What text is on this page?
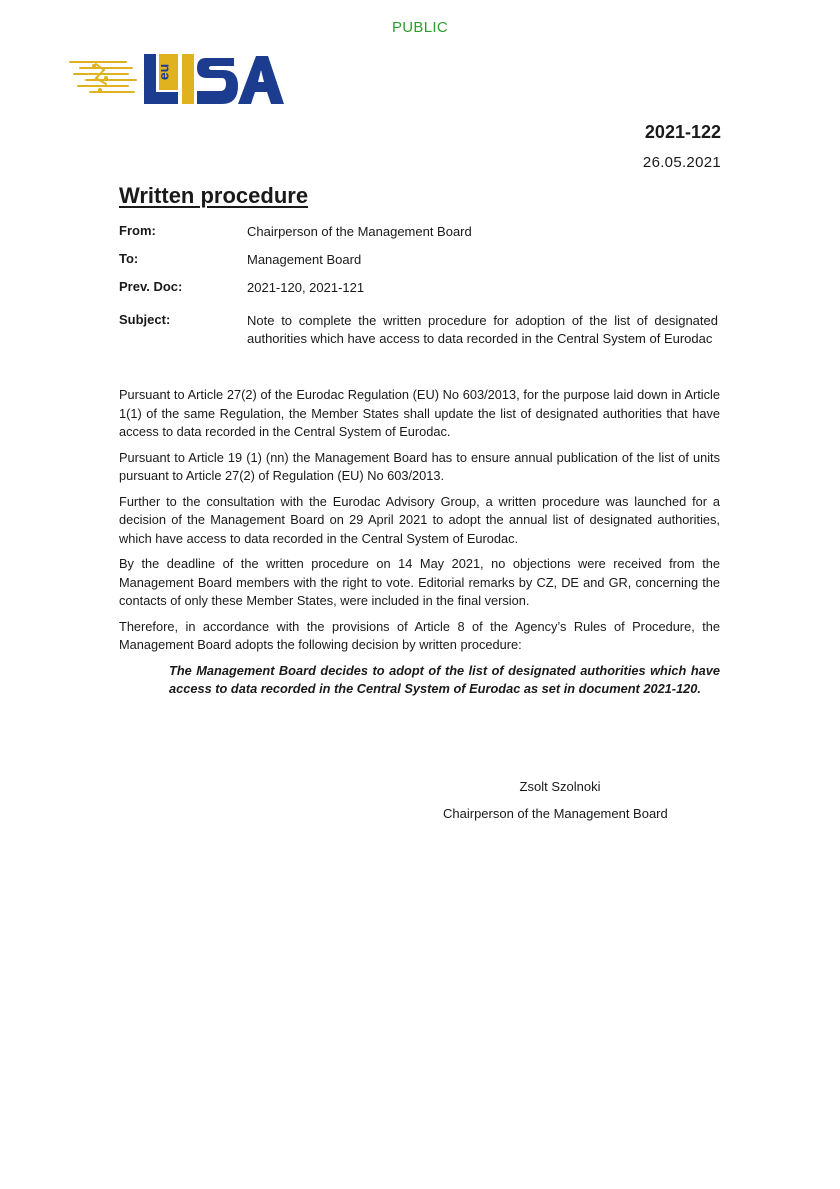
PUBLIC
eu
2021-122
26.05.2021
Written procedure
From:	Chairperson of the Management Board
To:	Management Board
Prev. Doc:	2021-120, 2021-121
Subject:	Note to complete the written procedure for adoption of the list of designated authorities which have access to data recorded in the Central System of Eurodac

Pursuant to Article 27(2) of the Eurodac Regulation (EU) No 603/2013, for the purpose laid down in Article 1(1) of the same Regulation, the Member States shall update the list of designated authorities that have access to data recorded in the Central System of Eurodac.

Pursuant to Article 19 (1) (nn) the Management Board has to ensure annual publication of the list of units pursuant to Article 27(2) of Regulation (EU) No 603/2013.

Further to the consultation with the Eurodac Advisory Group, a written procedure was launched for a decision of the Management Board on 29 April 2021 to adopt the annual list of designated authorities, which have access to data recorded in the Central System of Eurodac.

By the deadline of the written procedure on 14 May 2021, no objections were received from the Management Board members with the right to vote. Editorial remarks by CZ, DE and GR, concerning the contacts of only these Member States, were included in the final version.

Therefore, in accordance with the provisions of Article 8 of the Agency’s Rules of Procedure, the Management Board adopts the following decision by written procedure:

The Management Board decides to adopt of the list of designated authorities which have access to data recorded in the Central System of Eurodac as set in document 2021-120.

Zsolt Szolnoki
Chairperson of the Management Board
